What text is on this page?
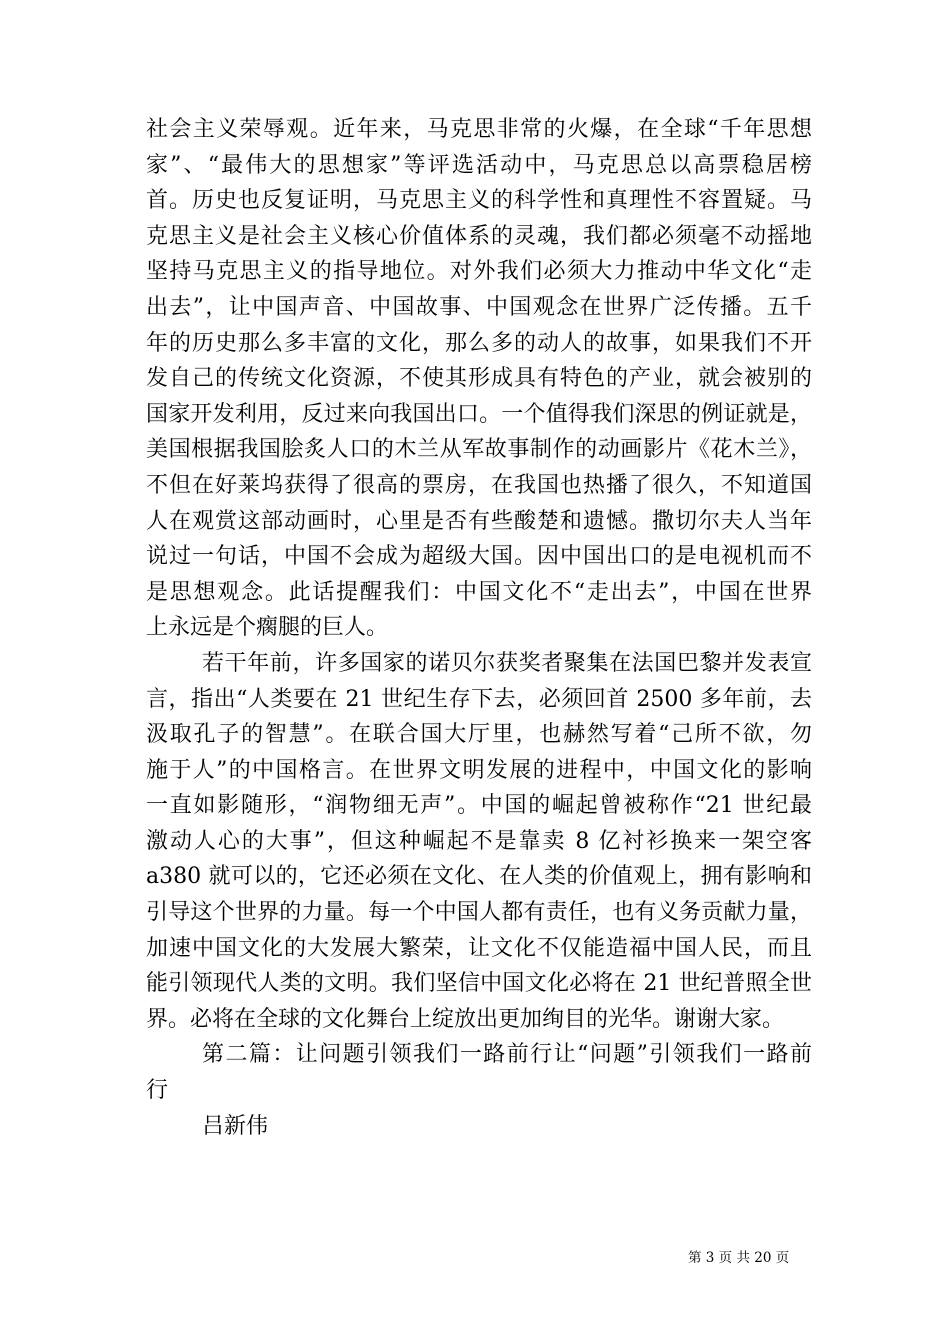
社会主义荣辱观。近年来，马克思非常的火爆，在全球“千年思想
家”、“最伟大的思想家”等评选活动中，马克思总以高票稳居榜
首。历史也反复证明，马克思主义的科学性和真理性不容置疑。马
克思主义是社会主义核心价值体系的灵魂，我们都必须毫不动摇地
坚持马克思主义的指导地位。对外我们必须大力推动中华文化“走
出去”，让中国声音、中国故事、中国观念在世界广泛传播。五千
年的历史那么多丰富的文化，那么多的动人的故事，如果我们不开
发自己的传统文化资源，不使其形成具有特色的产业，就会被别的
国家开发利用，反过来向我国出口。一个值得我们深思的例证就是，
美国根据我国脍炙人口的木兰从军故事制作的动画影片《花木兰》，
不但在好莱坞获得了很高的票房，在我国也热播了很久，不知道国
人在观赏这部动画时，心里是否有些酸楚和遗憾。撒切尔夫人当年
说过一句话，中国不会成为超级大国。因中国出口的是电视机而不
是思想观念。此话提醒我们：中国文化不“走出去”，中国在世界
上永远是个瘸腿的巨人。
若干年前，许多国家的诺贝尔获奖者聚集在法国巴黎并发表宣
言，指出“人类要在 21 世纪生存下去，必须回首 2500 多年前，去
汲取孔子的智慧”。在联合国大厅里，也赫然写着“己所不欲，勿
施于人”的中国格言。在世界文明发展的进程中，中国文化的影响
一直如影随形，“润物细无声”。中国的崛起曾被称作“21 世纪最
激动人心的大事”，但这种崛起不是靠卖 8 亿衬衫换来一架空客
a380 就可以的，它还必须在文化、在人类的价值观上，拥有影响和
引导这个世界的力量。每一个中国人都有责任，也有义务贡献力量，
加速中国文化的大发展大繁荣，让文化不仅能造福中国人民，而且
能引领现代人类的文明。我们坚信中国文化必将在 21 世纪普照全世
界。必将在全球的文化舞台上绽放出更加绚目的光华。谢谢大家。
第二篇：让问题引领我们一路前行让“问题”引领我们一路前
行
吕新伟
第 3 页 共 20 页
